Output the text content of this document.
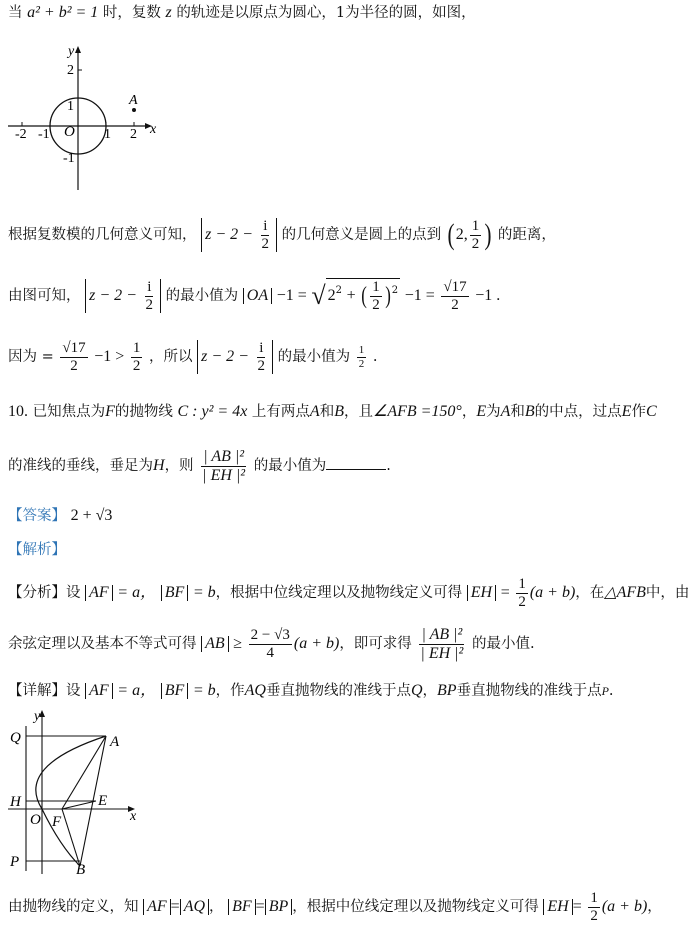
当 a² + b² = 1 时，复数 z 的轨迹是以原点为圆心，1为半径的圆，如图，
y
x
O
A
-2 -1	1 2
2
1
-1
根据复数模的几何意义可知， $z - 2 - \frac{i}{2}$ 的几何意义是圆上的点到 (2, $\frac{1}{2}$ ) 的距离，
由图可知， $z - 2 - \frac{i}{2}$ 的最小值为 OA −1 = √ $2^2$ + ( $\frac{1}{2} )^2 -1 = \frac{√17}{2} -1$ .
因为 = $\frac{√17}{2} -1 > \frac{1}{2}$ ，所以 $z - 2 - \frac{i}{2}$ 的最小值为 $\frac{1}{2}$ .
10. 已知焦点为F的抛物线 C : y² = 4x 上有两点A和B，且∠AFB =150°，E为A和B的中点，过点E作C
的准线的垂线，垂足为H，则 $\frac{\text{| AB |²}}{\text{| EH |²}}$ 的最小值为	.
【答案】 2 + √3
【解析】
【分析】设 AF = a， BF = b，根据中位线定理以及抛物线定义可得 EH = $\frac{1}{2} (a + b)$，在△AFB中，由
余弦定理以及基本不等式可得 AB ≥ $\frac{2 - √3}{4} (a + b)$，即可求得 $\frac{\text{| AB |²}}{\text{| EH |²}}$ 的最小值.
【详解】设 AF = a， BF = b，作AQ垂直抛物线的准线于点Q，BP垂直抛物线的准线于点P.
y
x
Q	A
H	E
O F
P	B
由抛物线的定义，知 AF = AQ ， BF = BP ，根据中位线定理以及抛物线定义可得 EH = $\frac{1}{2} (a + b)$，
